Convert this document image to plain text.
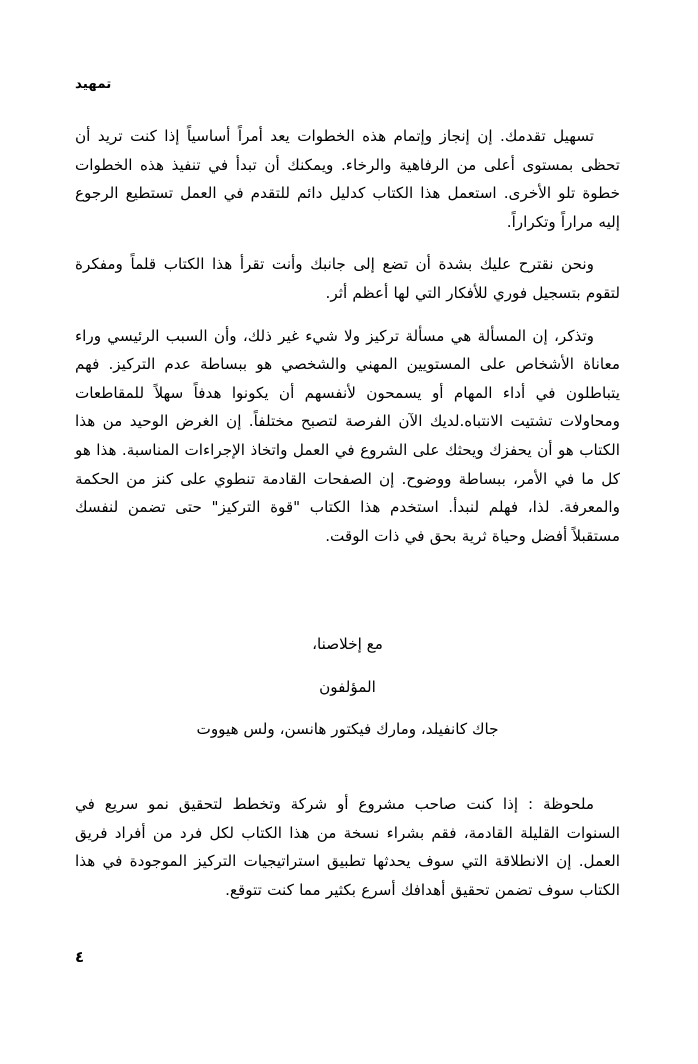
تمهيد

تسهيل تقدمك. إن إنجاز وإتمام هذه الخطوات يعد أمراً أساسياً إذا كنت تريد أن تحظى بمستوى أعلى من الرفاهية والرخاء. ويمكنك أن تبدأ في تنفيذ هذه الخطوات خطوة تلو الأخرى. استعمل هذا الكتاب كدليل دائم للتقدم في العمل تستطيع الرجوع إليه مراراً وتكراراً.

ونحن نقترح عليك بشدة أن تضع إلى جانبك وأنت تقرأ هذا الكتاب قلماً ومفكرة لتقوم بتسجيل فوري للأفكار التي لها أعظم أثر.

وتذكر، إن المسألة هي مسألة تركيز ولا شيء غير ذلك، وأن السبب الرئيسي وراء معاناة الأشخاص على المستويين المهني والشخصي هو ببساطة عدم التركيز. فهم يتباطلون في أداء المهام أو يسمحون لأنفسهم أن يكونوا هدفاً سهلاً للمقاطعات ومحاولات تشتيت الانتباه.لديك الآن الفرصة لتصبح مختلفاً. إن الغرض الوحيد من هذا الكتاب هو أن يحفزك ويحثك على الشروع في العمل واتخاذ الإجراءات المناسبة. هذا هو كل ما في الأمر، ببساطة ووضوح. إن الصفحات القادمة تنطوي على كنز من الحكمة والمعرفة. لذا، فهلم لنبدأ. استخدم هذا الكتاب "قوة التركيز" حتى تضمن لنفسك مستقبلاً أفضل وحياة ثرية بحق في ذات الوقت.

مع إخلاصنا،

المؤلفون

جاك كانفيلد، ومارك فيكتور هانسن، ولس هيووت

ملحوظة : إذا كنت صاحب مشروع أو شركة وتخطط لتحقيق نمو سريع في السنوات القليلة القادمة، فقم بشراء نسخة من هذا الكتاب لكل فرد من أفراد فريق العمل. إن الانطلاقة التي سوف يحدثها تطبيق استراتيجيات التركيز الموجودة في هذا الكتاب سوف تضمن تحقيق أهدافك أسرع بكثير مما كنت تتوقع.

٤
